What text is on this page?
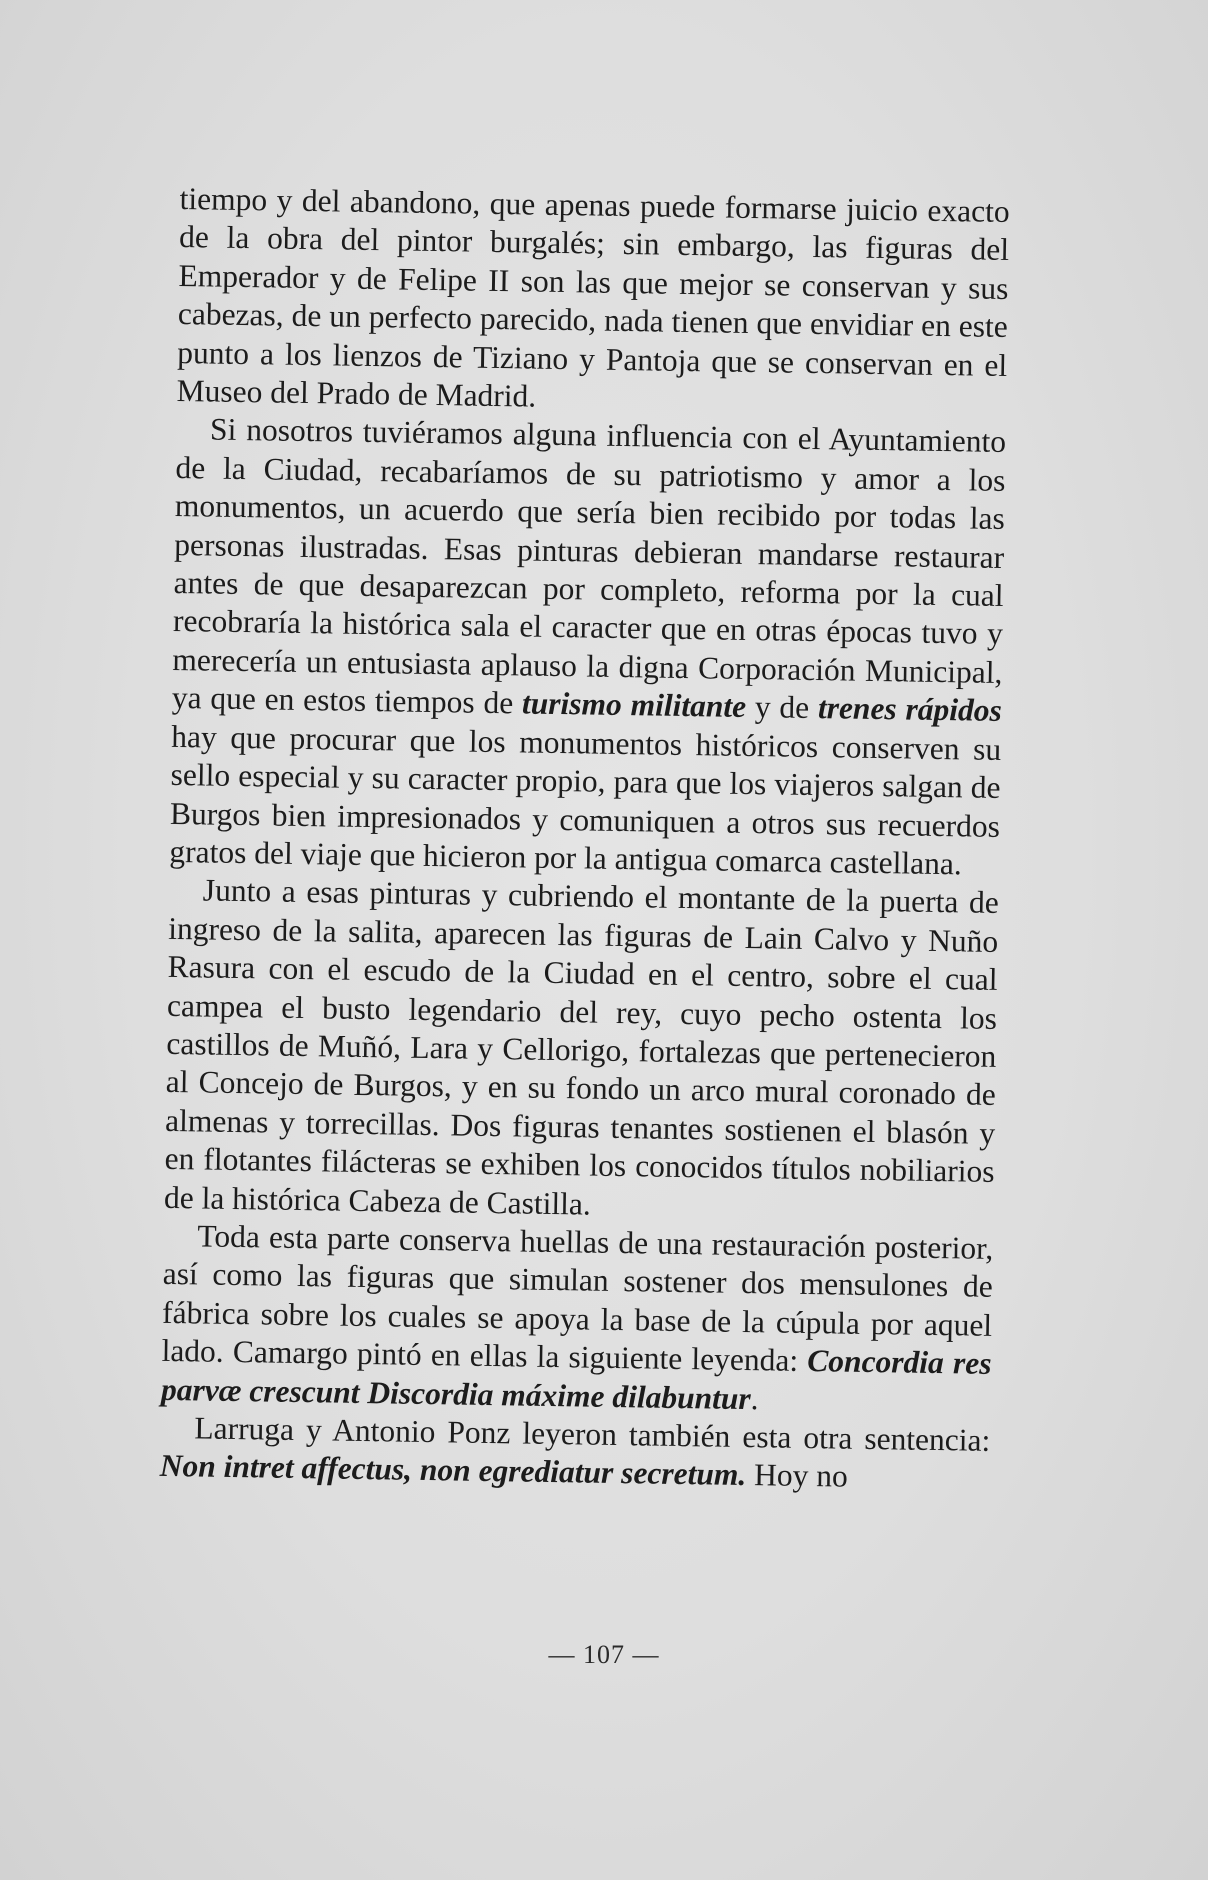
tiempo y del abandono, que apenas puede formarse juicio exacto de la obra del pintor burgalés; sin embargo, las figuras del Emperador y de Felipe II son las que mejor se conservan y sus cabezas, de un perfecto parecido, nada tienen que envidiar en este punto a los lienzos de Tiziano y Pantoja que se conservan en el Museo del Prado de Madrid.

Si nosotros tuviéramos alguna influencia con el Ayuntamiento de la Ciudad, recabaríamos de su patriotismo y amor a los monumentos, un acuerdo que sería bien recibido por todas las personas ilustradas. Esas pinturas debieran mandarse restaurar antes de que desaparezcan por completo, reforma por la cual recobraría la histórica sala el caracter que en otras épocas tuvo y merecería un entusiasta aplauso la digna Corporación Municipal, ya que en estos tiempos de turismo militante y de trenes rápidos hay que procurar que los monumentos históricos conserven su sello especial y su caracter propio, para que los viajeros salgan de Burgos bien impresionados y comuniquen a otros sus recuerdos gratos del viaje que hicieron por la antigua comarca castellana.

Junto a esas pinturas y cubriendo el montante de la puerta de ingreso de la salita, aparecen las figuras de Lain Calvo y Nuño Rasura con el escudo de la Ciudad en el centro, sobre el cual campea el busto legendario del rey, cuyo pecho ostenta los castillos de Muñó, Lara y Cellorigo, fortalezas que pertenecieron al Concejo de Burgos, y en su fondo un arco mural coronado de almenas y torrecillas. Dos figuras tenantes sostienen el blasón y en flotantes filácteras se exhiben los conocidos títulos nobiliarios de la histórica Cabeza de Castilla.

Toda esta parte conserva huellas de una restauración posterior, así como las figuras que simulan sostener dos mensulones de fábrica sobre los cuales se apoya la base de la cúpula por aquel lado. Camargo pintó en ellas la siguiente leyenda: Concordia res parvæ crescunt Discordia máxime dilabuntur.

Larruga y Antonio Ponz leyeron también esta otra sentencia: Non intret affectus, non egrediatur secretum. Hoy no

— 107 —
